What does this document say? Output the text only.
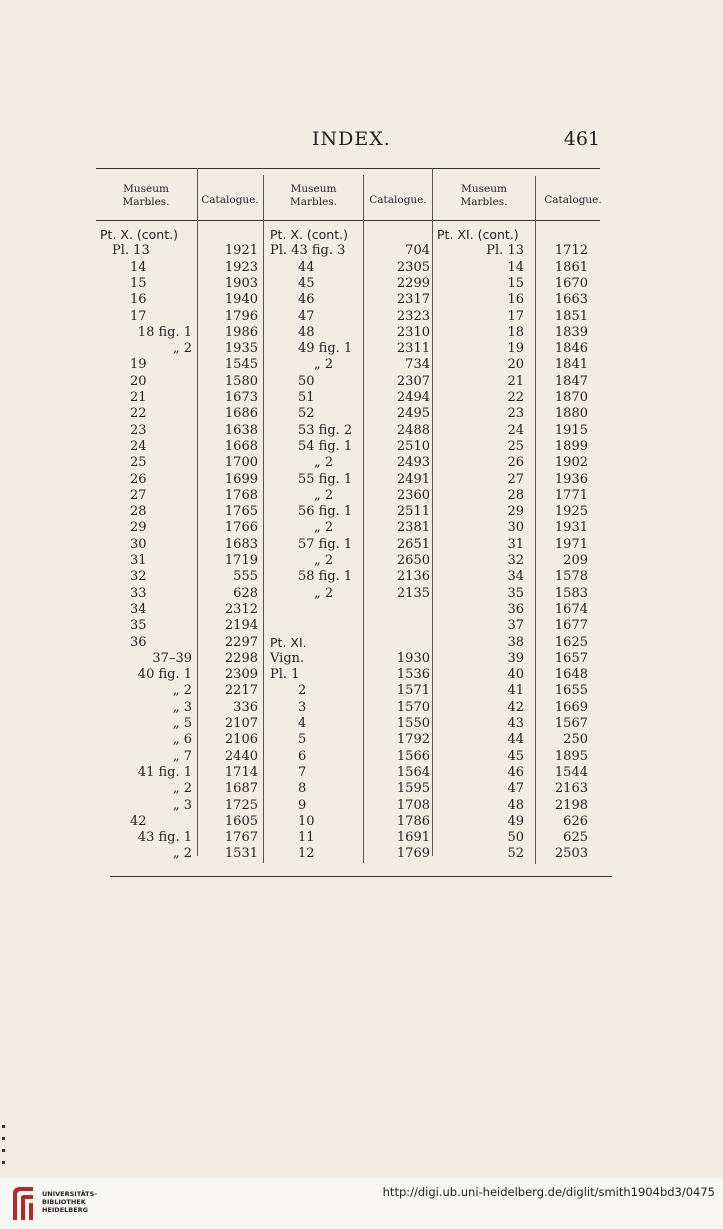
INDEX.	461
Museum
Marbles.	Catalogue.
Museum
Marbles.	Catalogue.
Museum
Marbles.	Catalogue.
Pt. X. (cont.)
Pl. 13	1921
14	1923
15	1903
16	1940
17	1796
18 fig. 1	1986
„ 2	1935
19	1545
20	1580
21	1673
22	1686
23	1638
24	1668
25	1700
26	1699
27	1768
28	1765
29	1766
30	1683
31	1719
32	555
33	628
34	2312
35	2194
36	2297
37–39	2298
40 fig. 1	2309
„ 2	2217
„ 3	336
„ 5	2107
„ 6	2106
„ 7	2440
41 fig. 1	1714
„ 2	1687
„ 3	1725
42	1605
43 fig. 1	1767
„ 2	1531
Pt. X. (cont.)
Pl. 43 fig. 3	704
44	2305
45	2299
46	2317
47	2323
48	2310
49 fig. 1	2311
„ 2	734
50	2307
51	2494
52	2495
53 fig. 2	2488
54 fig. 1	2510
„ 2	2493
55 fig. 1	2491
„ 2	2360
56 fig. 1	2511
„ 2	2381
57 fig. 1	2651
„ 2	2650
58 fig. 1	2136
„ 2	2135
Pt. XI.
Vign.	1930
Pl. 1	1536
2	1571
3	1570
4	1550
5	1792
6	1566
7	1564
8	1595
9	1708
10	1786
11	1691
12	1769
Pt. XI. (cont.)
Pl. 13 1712
14 1861
15 1670
16 1663
17 1851
18 1839
19 1846
20 1841
21 1847
22 1870
23 1880
24 1915
25 1899
26 1902
27 1936
28 1771
29 1925
30 1931
31 1971
32	209
34 1578
35 1583
36 1674
37 1677
38 1625
39 1657
40 1648
41 1655
42 1669
43 1567
44	250
45 1895
46 1544
47 2163
48 2198
49	626
50	625
52 2503
UNIVERSITÄTS-
BIBLIOTHEK
HEIDELBERG
http://digi.ub.uni-heidelberg.de/diglit/smith1904bd3/0475
